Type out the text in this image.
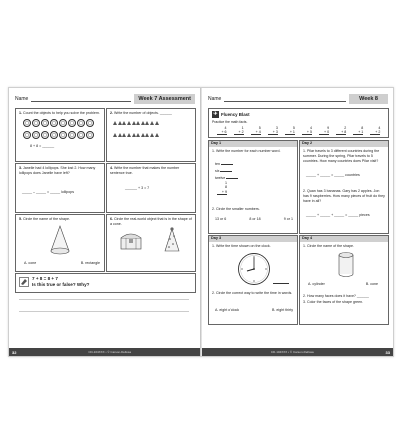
Name	Week 7 Assessment
1. Count the objects to help you solve the problem.
8 + 8 = ______
2. Write the number of objects. ______
3. Janelle had 4 lollipops. She lost 2. How many lollipops does Janelle have left?
_____ – _____ = _____ lollipops
4. Write the number that makes the number sentence true.
______ + 3 = 7
5. Circle the name of the shape.
A. cone	B. rectangle
6. Circle the real-world object that is in the shape of a cone.
7 + 8 = 8 + 7
Is this true or false? Why?
32	CD-104XXX • © Carson-Dellosa
Name	Week 8
✈ Fluency Blast
Practice the math facts.
4
+ 6
1
+ 2
5
+ 4
3
+ 3
5
+ 1
4
+ 5
9
+ 0
2
+ 8
8
+ 1
4
+ 2
Day 1
1. Write the number for each number word.
ten
six
twelve
1
8
+ 9
2. Circle the smaller numbers.
13 or 6	8 or 18	9 or 1
Day 2
1. Pilar travels to 3 different countries during the summer. During the spring, Pilar travels to 5 countries. How many countries does Pilar visit?
_____ + _____ = _____ countries
2. Quan has 3 bananas. Gary has 2 apples. Jon has 9 raspberries. How many pieces of fruit do they have in all?
_____ + _____ + _____ = _____ pieces
Day 3
1. Write the time shown on the clock.
2. Circle the correct way to write the time in words.
A. eight o'clock	B. eight thirty
Day 4
1. Circle the name of the shape.
A. cylinder	B. cone
2. How many faces does it have? ______
3. Color the faces of the shape green.
CD-104XXX • © Carson-Dellosa	33
